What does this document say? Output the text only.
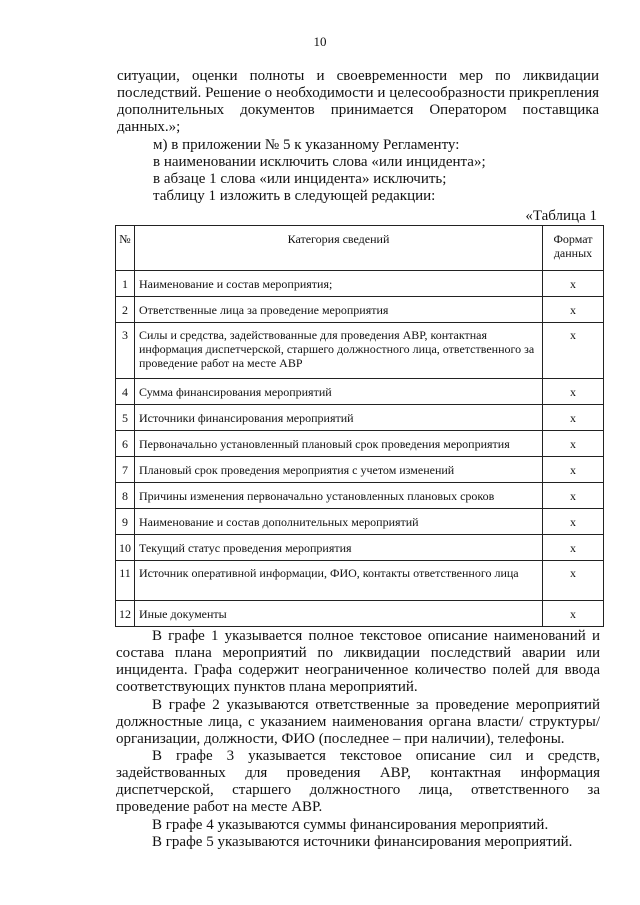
10

ситуации, оценки полноты и своевременности мер по ликвидации

последствий. Решение о необходимости и целесообразности прикрепления

дополнительных документов принимается Оператором поставщика

данных.»;

м) в приложении № 5 к указанному Регламенту:

в наименовании исключить слова «или инцидента»;

в абзаце 1 слова «или инцидента» исключить;

таблицу 1 изложить в следующей редакции:

«Таблица 1
№	Категория сведений	Формат данных
1	Наименование и состав мероприятия;	x
2	Ответственные лица за проведение мероприятия	x
3	Силы и средства, задействованные для проведения АВР, контактная информация диспетчерской, старшего должностного лица, ответственного за проведение работ на месте АВР	x
4	Сумма финансирования мероприятий	x
5	Источники финансирования мероприятий	x
6	Первоначально установленный плановый срок проведения мероприятия	x
7	Плановый срок проведения мероприятия с учетом изменений	x
8	Причины изменения первоначально установленных плановых сроков	x
9	Наименование и состав дополнительных мероприятий	x
10	Текущий статус проведения мероприятия	x
11	Источник оперативной информации, ФИО, контакты ответственного лица	x
12	Иные документы	x

В графе 1 указывается полное текстовое описание наименований и

состава плана мероприятий по ликвидации последствий аварии или

инцидента. Графа содержит неограниченное количество полей для ввода

соответствующих пунктов плана мероприятий.

В графе 2 указываются ответственные за проведение мероприятий

должностные лица, с указанием наименования органа власти/ структуры/

организации, должности, ФИО (последнее – при наличии), телефоны.

В графе 3 указывается текстовое описание сил и средств,

задействованных для проведения АВР, контактная информация

диспетчерской, старшего должностного лица, ответственного за

проведение работ на месте АВР.

В графе 4 указываются суммы финансирования мероприятий.

В графе 5 указываются источники финансирования мероприятий.
